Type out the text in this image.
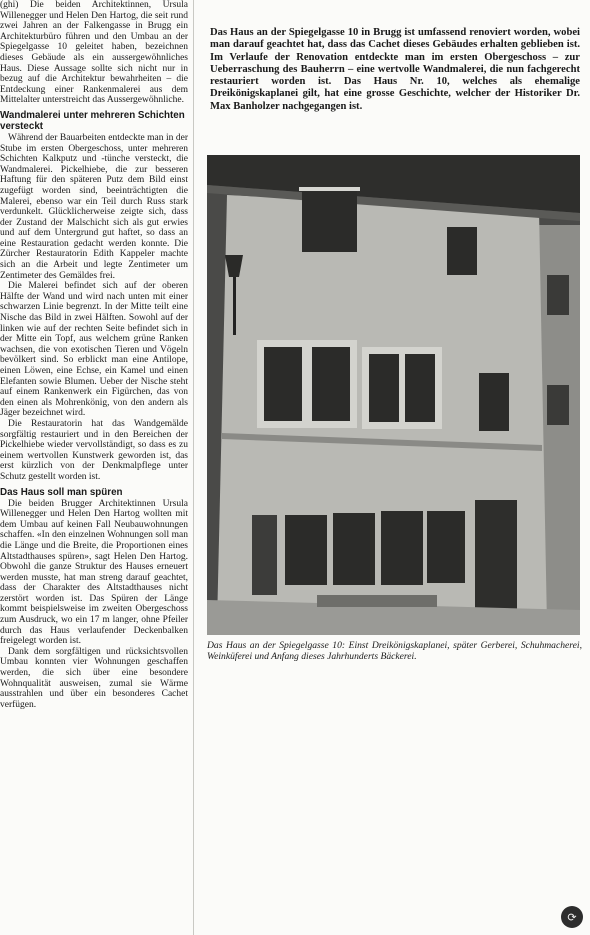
(ghi) Die beiden Architektinnen, Ursula Willenegger und Helen Den Hartog, die seit rund zwei Jahren an der Falkengasse in Brugg ein Architekturbüro führen und den Umbau an der Spiegelgasse 10 geleitet haben, bezeichnen dieses Gebäude als ein aussergewöhnliches Haus. Diese Aussage sollte sich nicht nur in bezug auf die Architektur bewahrheiten – die Entdeckung einer Rankenmalerei aus dem Mittelalter unterstreicht das Aussergewöhnliche.

Wandmalerei unter mehreren Schichten versteckt

Während der Bauarbeiten entdeckte man in der Stube im ersten Obergeschoss, unter mehreren Schichten Kalkputz und -tünche versteckt, die Wandmalerei. Pickelhiebe, die zur besseren Haftung für den späteren Putz dem Bild einst zugefügt worden sind, beeinträchtigten die Malerei, ebenso war ein Teil durch Russ stark verdunkelt. Glücklicherweise zeigte sich, dass der Zustand der Malschicht sich als gut erwies und auf dem Untergrund gut haftet, so dass an eine Restauration gedacht werden konnte. Die Zürcher Restauratorin Edith Kappeler machte sich an die Arbeit und legte Zentimeter um Zentimeter des Gemäldes frei.

Die Malerei befindet sich auf der oberen Hälfte der Wand und wird nach unten mit einer schwarzen Linie begrenzt. In der Mitte teilt eine Nische das Bild in zwei Hälften. Sowohl auf der linken wie auf der rechten Seite befindet sich in der Mitte ein Topf, aus welchem grüne Ranken wachsen, die von exotischen Tieren und Vögeln bevölkert sind. So erblickt man eine Antilope, einen Löwen, eine Echse, ein Kamel und einen Elefanten sowie Blumen. Ueber der Nische steht auf einem Rankenwerk ein Figürchen, das von den einen als Mohrenkönig, von den andern als Jäger bezeichnet wird.

Die Restauratorin hat das Wandgemälde sorgfältig restauriert und in den Bereichen der Pickelhiebe wieder vervollständigt, so dass es zu einem wertvollen Kunstwerk geworden ist, das erst kürzlich von der Denkmalpflege unter Schutz gestellt worden ist.

Das Haus soll man spüren

Die beiden Brugger Architektinnen Ursula Willenegger und Helen Den Hartog wollten mit dem Umbau auf keinen Fall Neubauwohnungen schaffen. «In den einzelnen Wohnungen soll man die Länge und die Breite, die Proportionen eines Altstadthauses spüren», sagt Helen Den Hartog. Obwohl die ganze Struktur des Hauses erneuert werden musste, hat man streng darauf geachtet, dass der Charakter des Altstadthauses nicht zerstört worden ist. Das Spüren der Länge kommt beispielsweise im zweiten Obergeschoss zum Ausdruck, wo ein 17 m langer, ohne Pfeiler durch das Haus verlaufender Deckenbalken freigelegt worden ist.

Dank dem sorgfältigen und rücksichtsvollen Umbau konnten vier Wohnungen geschaffen werden, die sich über eine besondere Wohnqualität ausweisen, zumal sie Wärme ausstrahlen und über ein besonderes Cachet verfügen.

Das Haus an der Spiegelgasse 10 in Brugg ist umfassend renoviert worden, wobei man darauf geachtet hat, dass das Cachet dieses Gebäudes erhalten geblieben ist. Im Verlaufe der Renovation entdeckte man im ersten Obergeschoss – zur Ueberraschung des Bauherrn – eine wertvolle Wandmalerei, die nun fachgerecht restauriert worden ist. Das Haus Nr. 10, welches als ehemalige Dreikönigskaplanei gilt, hat eine grosse Geschichte, welcher der Historiker Dr. Max Banholzer nachgegangen ist.
Das Haus an der Spiegelgasse 10: Einst Dreikönigskaplanei, später Gerberei, Schuhmacherei, Weinküferei und Anfang dieses Jahrhunderts Bäckerei.
⟳
